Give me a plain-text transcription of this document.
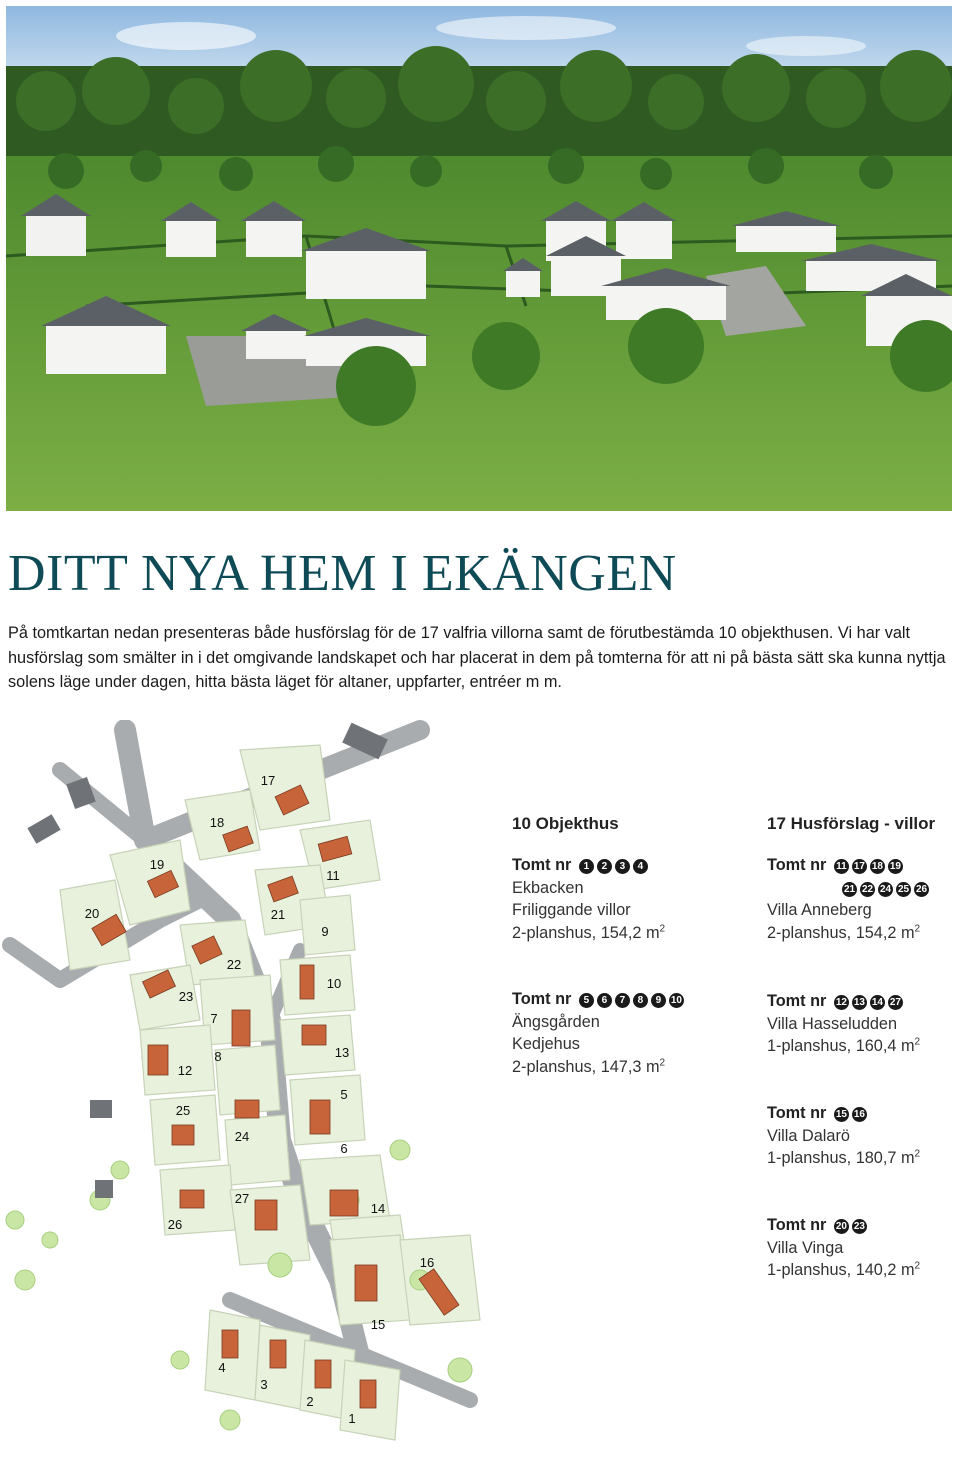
DITT NYA HEM I EKÄNGEN

På tomtkartan nedan presenteras både husförslag för de 17 valfria villorna samt de förutbestämda 10 objekthusen. Vi har valt husförslag som smälter in i det omgivande landskapet och har placerat in dem på tomterna för att ni på bästa sätt ska kunna nyttja solens läge under dagen, hitta bästa läget för altaner, uppfarter, entréer m m.

17
18
19
20	21
11
9
22
10
23
7
8
12
13
5
25
24
6
27
14
26
16
15
4
3
2
1
10 Objekthus
Tomt nr 1 2 3 4
Ekbacken
Friliggande villor
2-planshus, 154,2 $m^2$
Tomt nr 5 6 7 8 9 10
Ängsgården
Kedjehus
2-planshus, 147,3 $m^2$
17 Husförslag - villor
Tomt nr 11 17 18 19
21 22 24 25 26
Villa Anneberg
2-planshus, 154,2 $m^2$
Tomt nr 12 13 14 27
Villa Hasseludden
1-planshus, 160,4 $m^2$
Tomt nr 15 16
Villa Dalarö
1-planshus, 180,7 $m^2$
Tomt nr 20 23
Villa Vinga
1-planshus, 140,2 $m^2$
